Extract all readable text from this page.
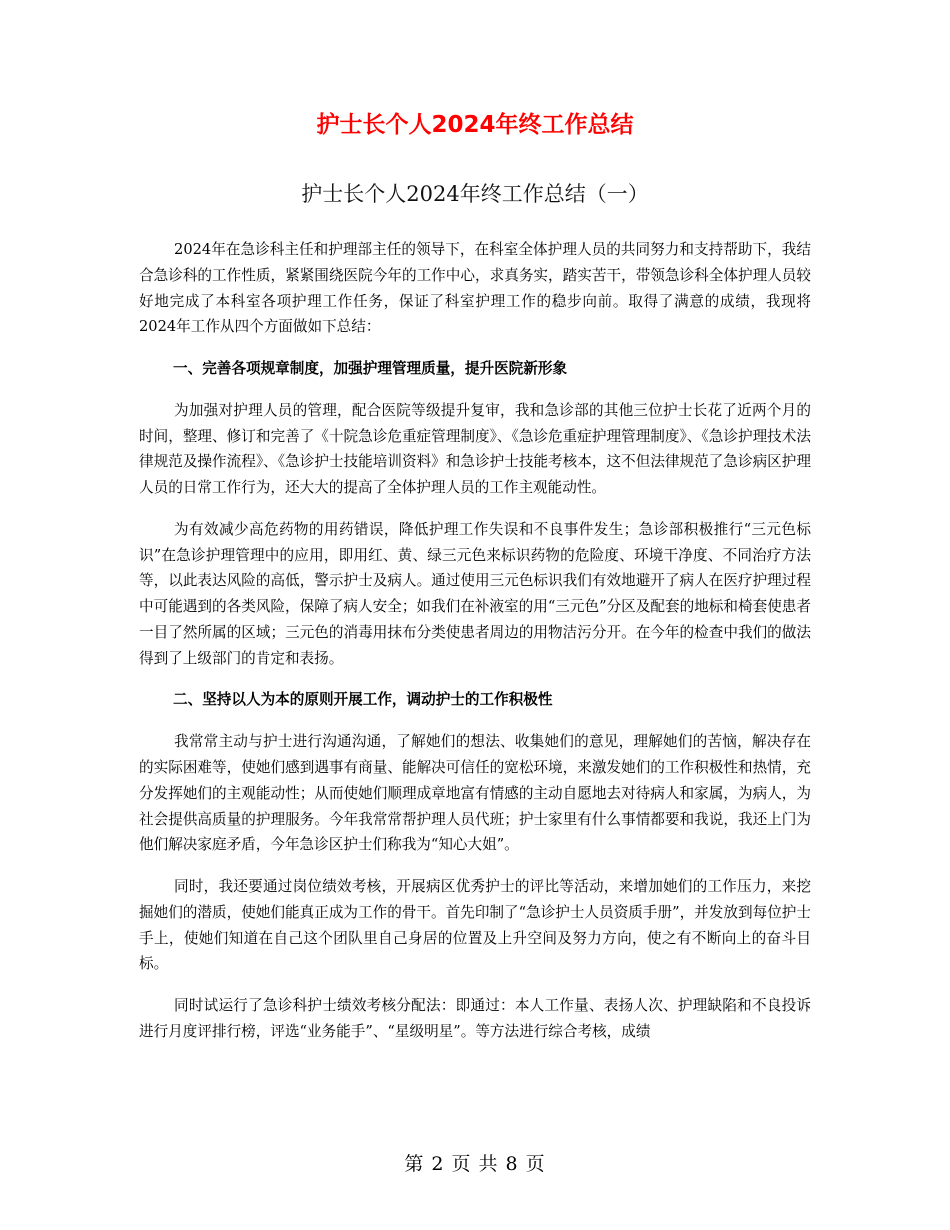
护士长个人2024年终工作总结
护士长个人2024年终工作总结（一）

2024年在急诊科主任和护理部主任的领导下，在科室全体护理人员的共同努力和支持帮助下，我结合急诊科的工作性质，紧紧围绕医院今年的工作中心，求真务实，踏实苦干，带领急诊科全体护理人员较好地完成了本科室各项护理工作任务，保证了科室护理工作的稳步向前。取得了满意的成绩，我现将2024年工作从四个方面做如下总结：

一、完善各项规章制度，加强护理管理质量，提升医院新形象

为加强对护理人员的管理，配合医院等级提升复审，我和急诊部的其他三位护士长花了近两个月的时间，整理、修订和完善了《十院急诊危重症管理制度》、《急诊危重症护理管理制度》、《急诊护理技术法律规范及操作流程》、《急诊护士技能培训资料》和急诊护士技能考核本，这不但法律规范了急诊病区护理人员的日常工作行为，还大大的提高了全体护理人员的工作主观能动性。

为有效减少高危药物的用药错误，降低护理工作失误和不良事件发生；急诊部积极推行“三元色标识”在急诊护理管理中的应用，即用红、黄、绿三元色来标识药物的危险度、环境干净度、不同治疗方法等，以此表达风险的高低，警示护士及病人。通过使用三元色标识我们有效地避开了病人在医疗护理过程中可能遇到的各类风险，保障了病人安全；如我们在补液室的用“三元色”分区及配套的地标和椅套使患者一目了然所属的区域；三元色的消毒用抹布分类使患者周边的用物洁污分开。在今年的检查中我们的做法得到了上级部门的肯定和表扬。

二、坚持以人为本的原则开展工作，调动护士的工作积极性

我常常主动与护士进行沟通沟通，了解她们的想法、收集她们的意见，理解她们的苦恼，解决存在的实际困难等，使她们感到遇事有商量、能解决可信任的宽松环境，来激发她们的工作积极性和热情，充分发挥她们的主观能动性；从而使她们顺理成章地富有情感的主动自愿地去对待病人和家属，为病人，为社会提供高质量的护理服务。今年我常常帮护理人员代班；护士家里有什么事情都要和我说，我还上门为他们解决家庭矛盾，今年急诊区护士们称我为“知心大姐”。

同时，我还要通过岗位绩效考核，开展病区优秀护士的评比等活动，来增加她们的工作压力，来挖掘她们的潜质，使她们能真正成为工作的骨干。首先印制了“急诊护士人员资质手册”，并发放到每位护士手上，使她们知道在自己这个团队里自己身居的位置及上升空间及努力方向，使之有不断向上的奋斗目标。

同时试运行了急诊科护士绩效考核分配法：即通过：本人工作量、表扬人次、护理缺陷和不良投诉进行月度评排行榜，评选“业务能手”、“星级明星”。等方法进行综合考核，成绩

第 2 页 共 8 页
